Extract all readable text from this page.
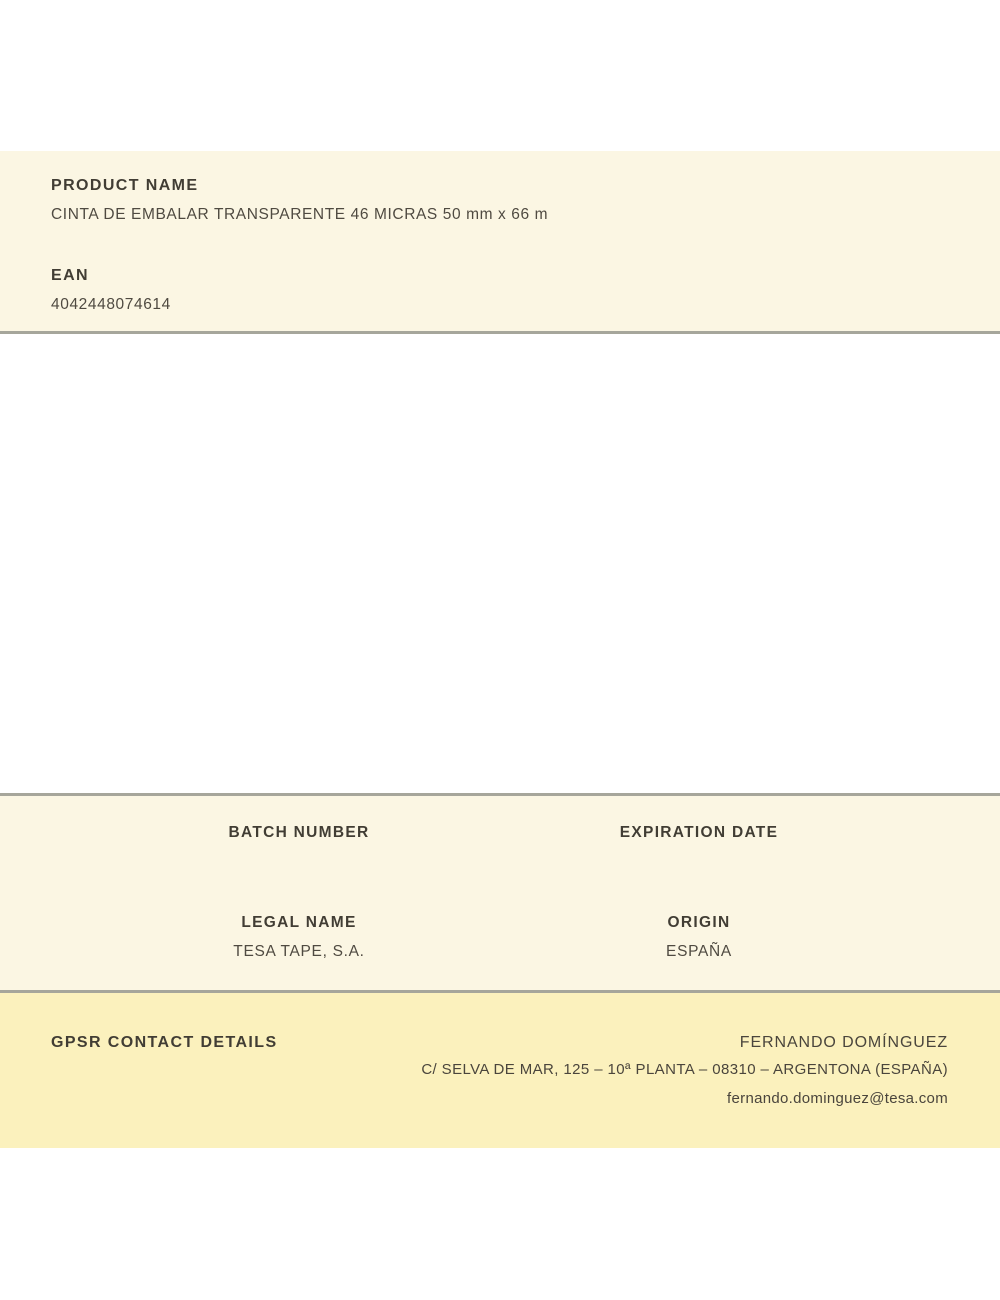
PRODUCT NAME
CINTA DE EMBALAR TRANSPARENTE 46 MICRAS 50 mm x 66 m
EAN
4042448074614
BATCH NUMBER	EXPIRATION DATE
LEGAL NAME	ORIGIN
TESA TAPE, S.A.	ESPAÑA
GPSR CONTACT DETAILS	FERNANDO DOMÍNGUEZ
C/ SELVA DE MAR, 125 – 10ª PLANTA – 08310 – ARGENTONA (ESPAÑA)
fernando.dominguez@tesa.com
